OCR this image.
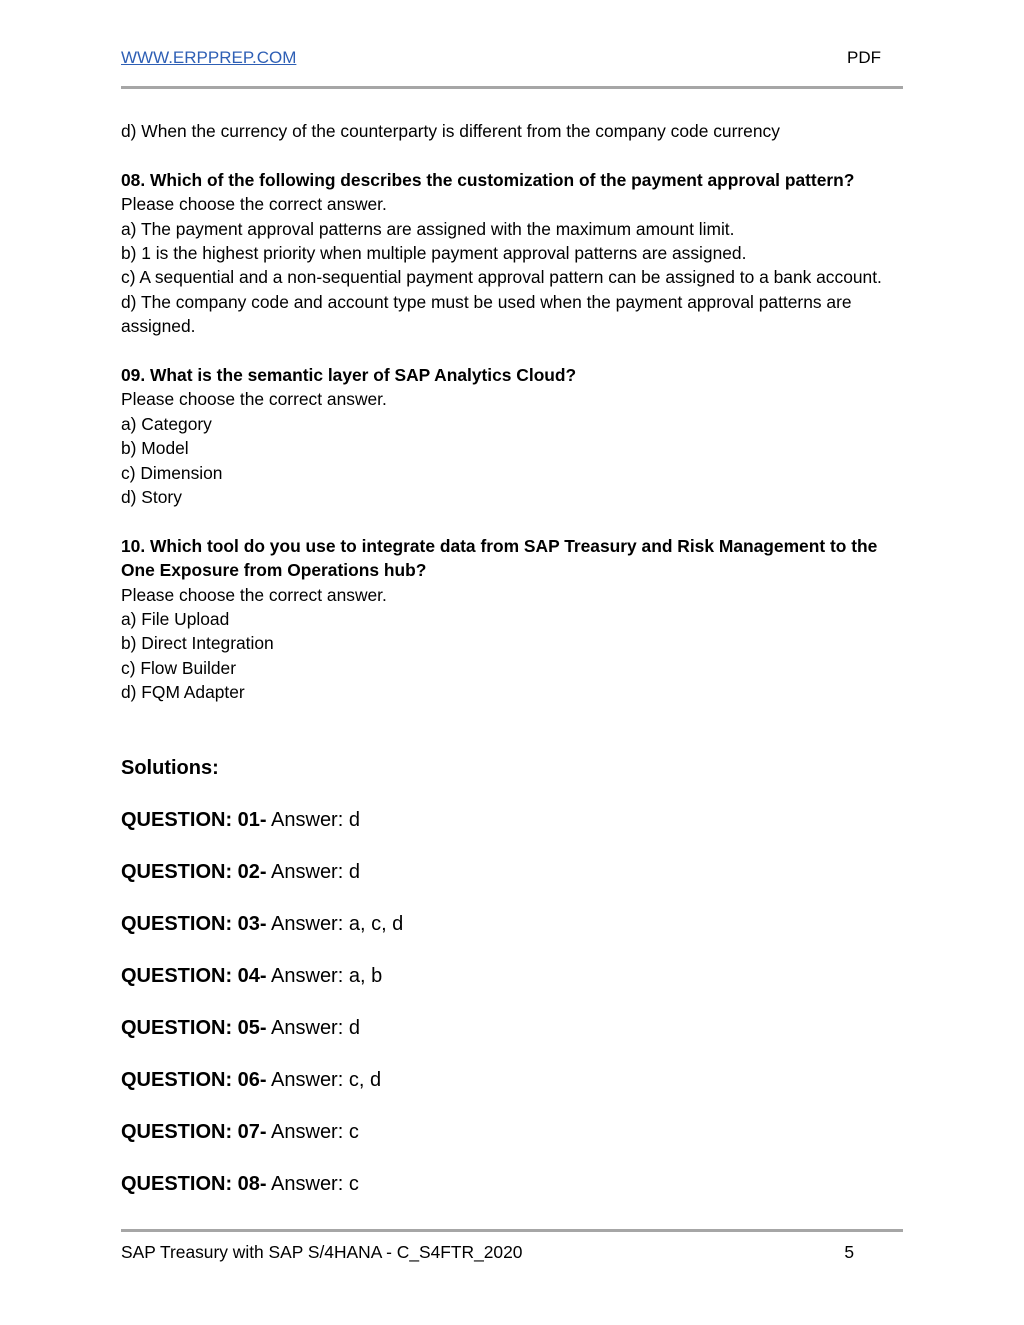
WWW.ERPPREP.COM	PDF

d) When the currency of the counterparty is different from the company code currency

08. Which of the following describes the customization of the payment approval pattern?

Please choose the correct answer.

a) The payment approval patterns are assigned with the maximum amount limit.

b) 1 is the highest priority when multiple payment approval patterns are assigned.

c) A sequential and a non-sequential payment approval pattern can be assigned to a bank account.

d) The company code and account type must be used when the payment approval patterns are assigned.

09. What is the semantic layer of SAP Analytics Cloud?

Please choose the correct answer.

a) Category

b) Model

c) Dimension

d) Story

10. Which tool do you use to integrate data from SAP Treasury and Risk Management to the One Exposure from Operations hub?

Please choose the correct answer.

a) File Upload

b) Direct Integration

c) Flow Builder

d) FQM Adapter

Solutions:

QUESTION: 01- Answer: d
QUESTION: 02- Answer: d
QUESTION: 03- Answer: a, c, d
QUESTION: 04- Answer: a, b
QUESTION: 05- Answer: d
QUESTION: 06- Answer: c, d
QUESTION: 07- Answer: c
QUESTION: 08- Answer: c
SAP Treasury with SAP S/4HANA - C_S4FTR_2020	5
